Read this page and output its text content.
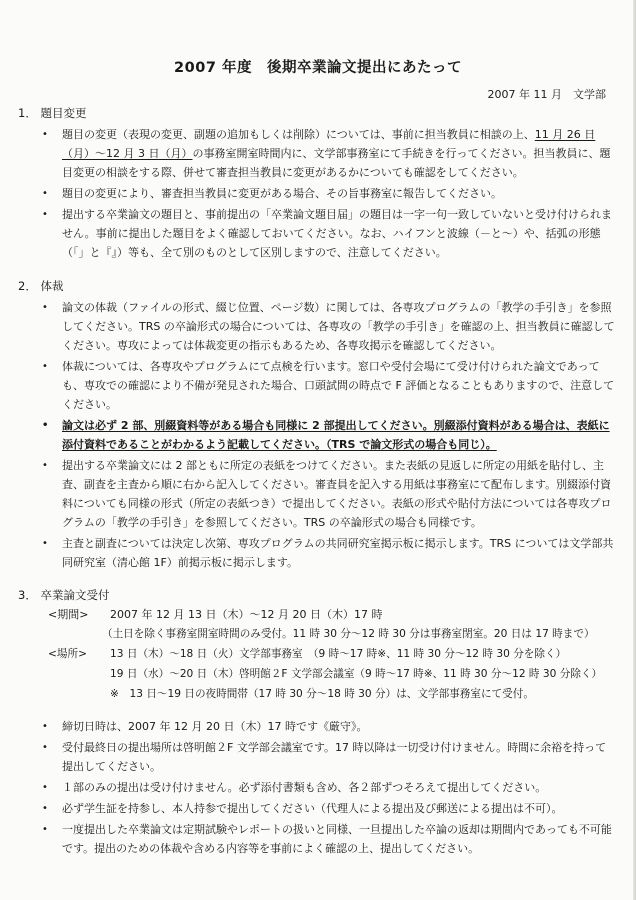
2007 年度　後期卒業論文提出にあたって
2007 年 11 月　文学部
1． 題目変更
• 題目の変更（表現の変更、副題の追加もしくは削除）については、事前に担当教員に相談の上、11 月 26 日（月）～12 月 3 日（月）の事務室開室時間内に、文学部事務室にて手続きを行ってください。担当教員に、題目変更の相談をする際、併せて審査担当教員に変更があるかについても確認をしてください。
• 題目の変更により、審査担当教員に変更がある場合、その旨事務室に報告してください。
• 提出する卒業論文の題目と、事前提出の「卒業論文題目届」の題目は一字一句一致していないと受け付けられません。事前に提出した題目をよく確認しておいてください。なお、ハイフンと波線（－と～）や、括弧の形態（「」と『』）等も、全て別のものとして区別しますので、注意してください。
2． 体裁
• 論文の体裁（ファイルの形式、綴じ位置、ページ数）に関しては、各専攻プログラムの「教学の手引き」を参照してください。TRS の卒論形式の場合については、各専攻の「教学の手引き」を確認の上、担当教員に確認してください。専攻によっては体裁変更の指示もあるため、各専攻掲示を確認してください。
• 体裁については、各専攻やプログラムにて点検を行います。窓口や受付会場にて受け付けられた論文であっても、専攻での確認により不備が発見された場合、口頭試問の時点で F 評価となることもありますので、注意してください。
• 論文は必ず 2 部、別綴資料等がある場合も同様に 2 部提出してください。別綴添付資料がある場合は、表紙に添付資料であることがわかるよう記載してください。（TRS で論文形式の場合も同じ）。
• 提出する卒業論文には 2 部ともに所定の表紙をつけてください。また表紙の見返しに所定の用紙を貼付し、主査、副査を主査から順に右から記入してください。審査員を記入する用紙は事務室にて配布します。別綴添付資料についても同様の形式（所定の表紙つき）で提出してください。表紙の形式や貼付方法については各専攻プログラムの「教学の手引き」を参照してください。TRS の卒論形式の場合も同様です。
• 主査と副査については決定し次第、専攻プログラムの共同研究室掲示板に掲示します。TRS については文学部共同研究室（清心館 1F）前掲示板に掲示します。
3． 卒業論文受付
<期間> 2007 年 12 月 13 日（木）～12 月 20 日（木）17 時
（土日を除く事務室開室時間のみ受付。11 時 30 分～12 時 30 分は事務室閉室。20 日は 17 時まで）
<場所> 13 日（木）～18 日（火）文学部事務室　（9 時～17 時※、11 時 30 分～12 時 30 分を除く）
19 日（水）～20 日（木）啓明館２F 文学部会議室（9 時～17 時※、11 時 30 分～12 時 30 分除く）
※　13 日～19 日の夜時間帯（17 時 30 分～18 時 30 分）は、文学部事務室にて受付。
• 締切日時は、2007 年 12 月 20 日（木）17 時です《厳守》。
• 受付最終日の提出場所は啓明館２F 文学部会議室です。17 時以降は一切受け付けません。時間に余裕を持って提出してください。
• １部のみの提出は受け付けません。必ず添付書類も含め、各２部ずつそろえて提出してください。
• 必ず学生証を持参し、本人持参で提出してください（代理人による提出及び郵送による提出は不可）。
• 一度提出した卒業論文は定期試験やレポートの扱いと同様、一旦提出した卒論の返却は期間内であっても不可能です。提出のための体裁や含める内容等を事前によく確認の上、提出してください。
